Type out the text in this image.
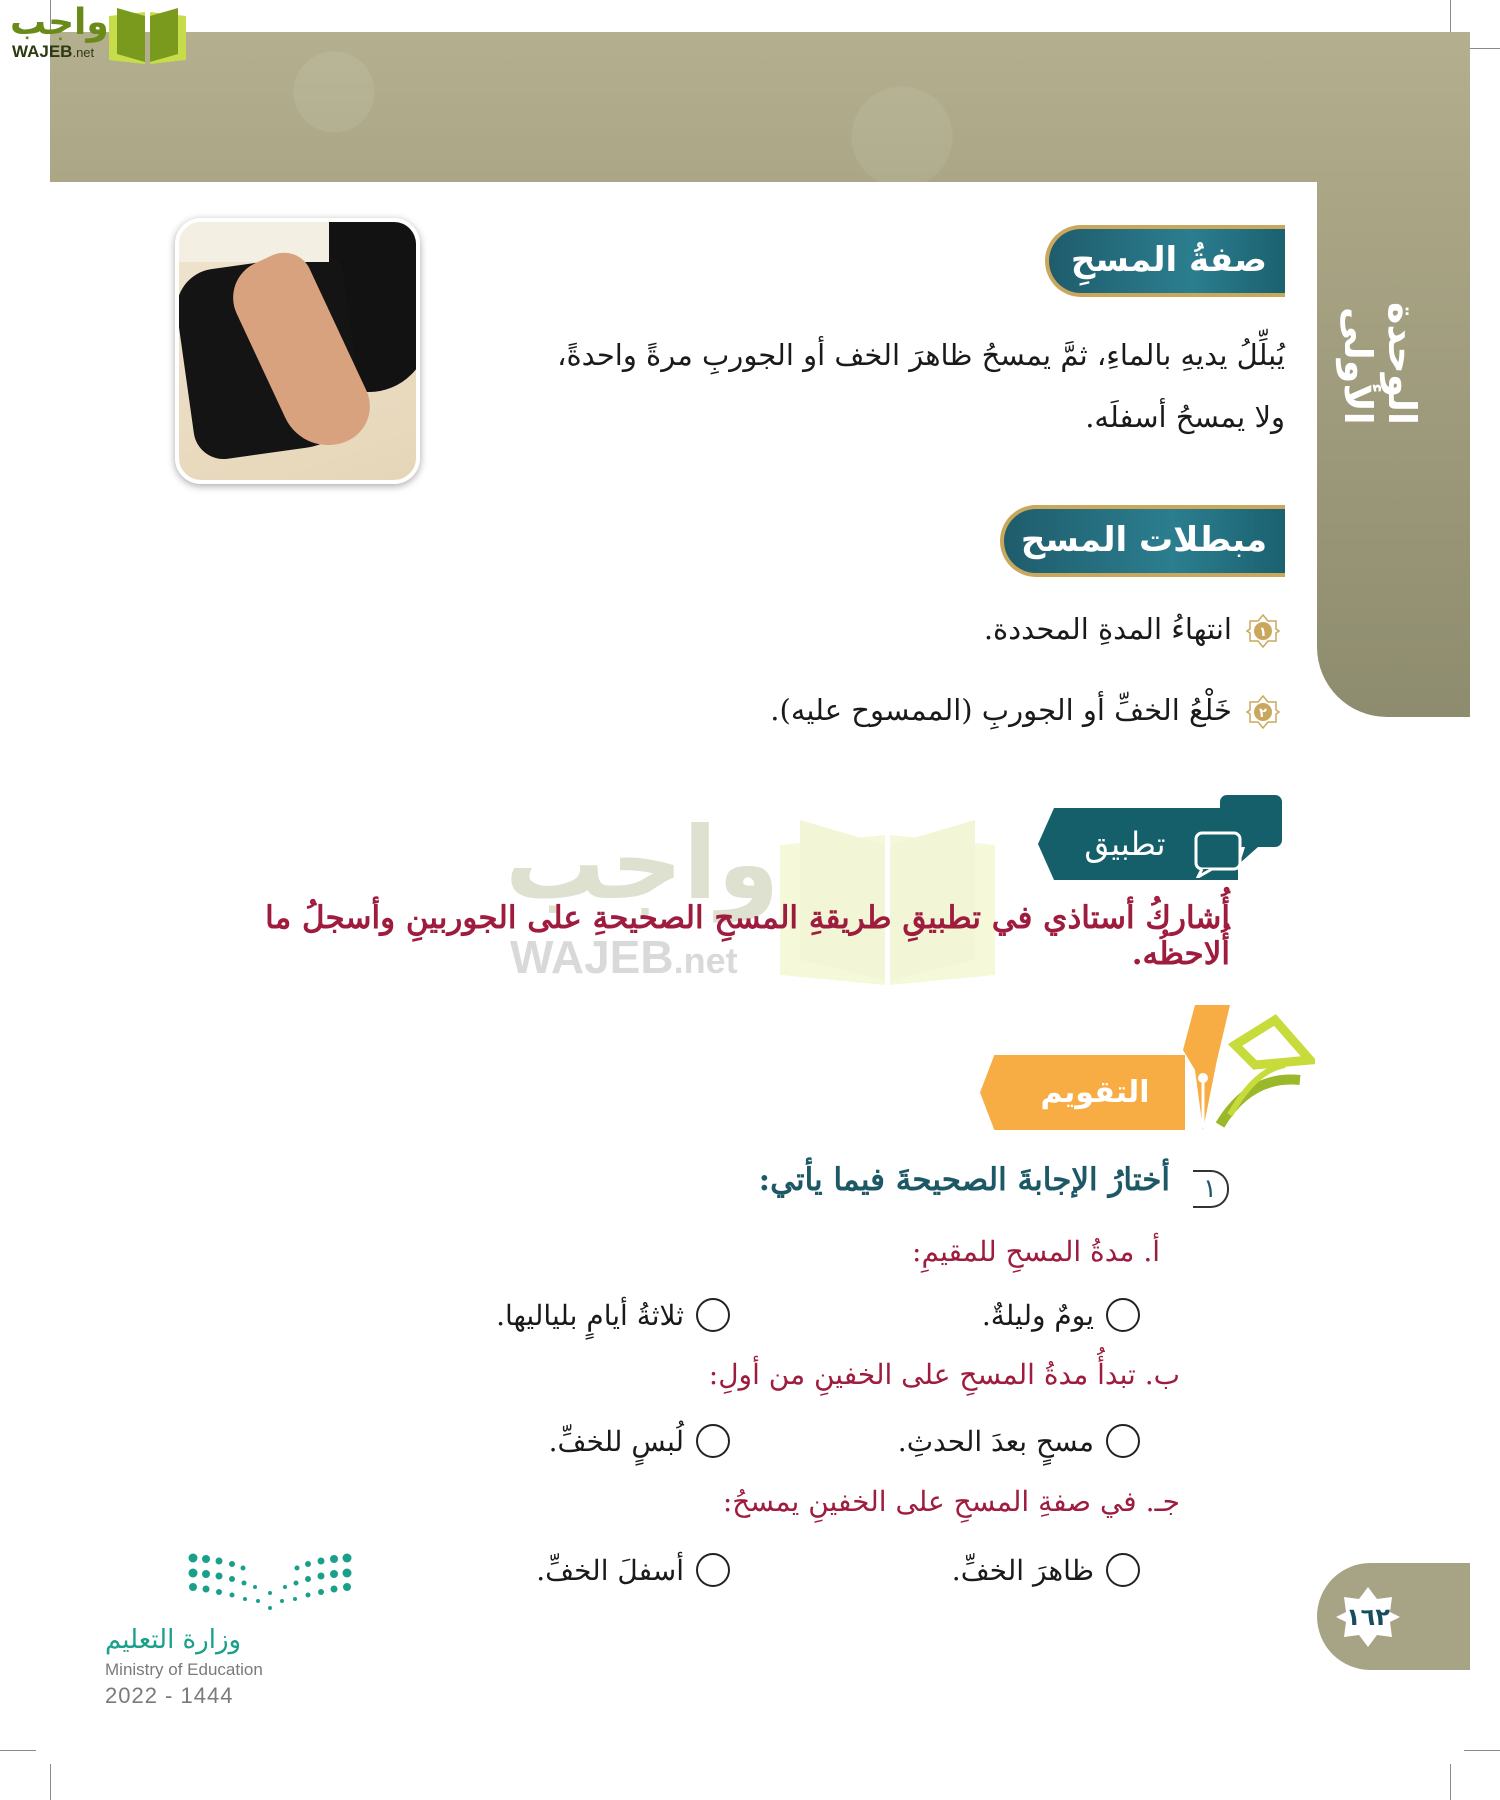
الوحدة الأولى
واجب
WAJEB.net
صفةُ المسحِ
يُبلِّلُ يديهِ بالماءِ، ثمَّ يمسحُ ظاهرَ الخف أو الجوربِ مرةً واحدةً،
ولا يمسحُ أسفلَه.
مبطلات المسح
١
انتهاءُ المدةِ المحددة.
٢
خَلْعُ الخفِّ أو الجوربِ (الممسوح عليه).
واجب
WAJEB.net
تطبيق
أُشاركُ أستاذي في تطبيقِ طريقةِ المسحِ الصحيحةِ على الجوربينِ وأسجلُ ما أُلاحظُه.
التقويم
١
أختارُ الإجابةَ الصحيحةَ فيما يأتي:
أ. مدةُ المسحِ للمقيمِ:
يومٌ وليلةٌ.
ثلاثةُ أيامٍ بلياليها.
ب. تبدأُ مدةُ المسحِ على الخفينِ من أولِ:
مسحٍ بعدَ الحدثِ.
لُبسٍ للخفِّ.
جـ. في صفةِ المسحِ على الخفينِ يمسحُ:
ظاهرَ الخفِّ.
أسفلَ الخفِّ.
وزارة التعليم
Ministry of Education
2022 - 1444
١٦٢
